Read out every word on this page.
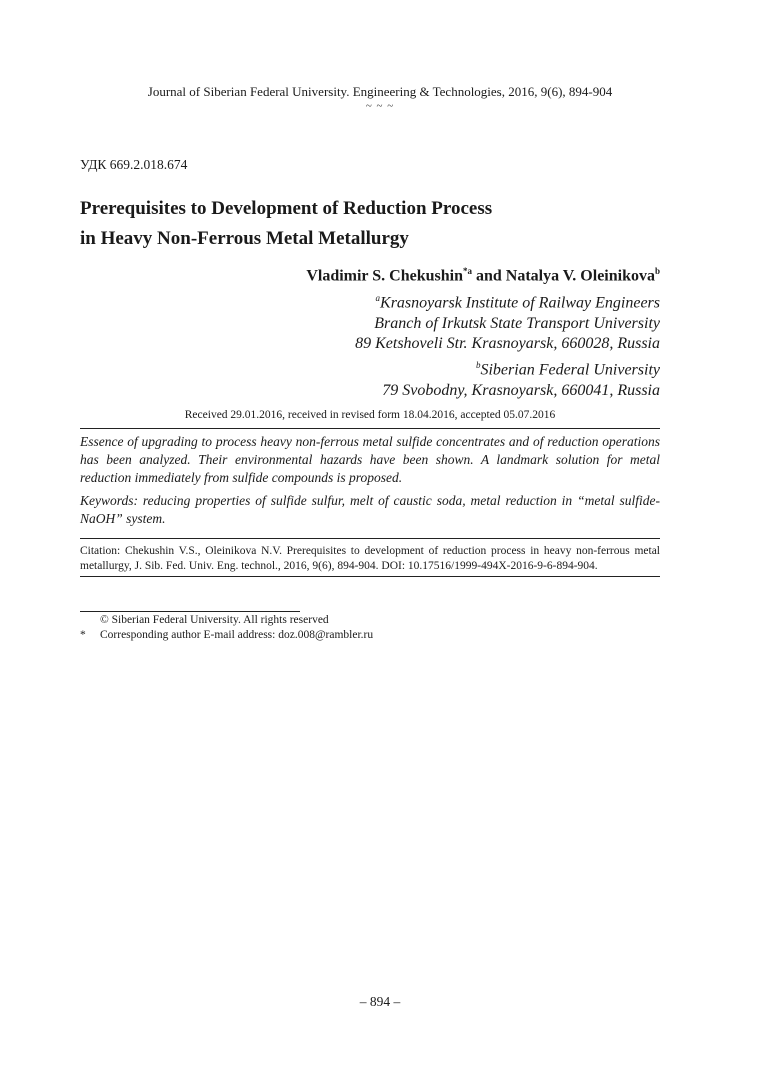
Journal of Siberian Federal University. Engineering & Technologies, 2016, 9(6), 894-904
~ ~ ~
УДК 669.2.018.674
Prerequisites to Development of Reduction Process
in Heavy Non-Ferrous Metal Metallurgy
Vladimir S. Chekushin$^{*a}$ and Natalya V. Oleinikova$^b$
$^a$Krasnoyarsk Institute of Railway Engineers
Branch of Irkutsk State Transport University
89 Ketshoveli Str. Krasnoyarsk, 660028, Russia
$^b$Siberian Federal University
79 Svobodny, Krasnoyarsk, 660041, Russia
Received 29.01.2016, received in revised form 18.04.2016, accepted 05.07.2016

Essence of upgrading to process heavy non-ferrous metal sulfide concentrates and of reduction operations has been analyzed. Their environmental hazards have been shown. A landmark solution for metal reduction immediately from sulfide compounds is proposed.

Keywords: reducing properties of sulfide sulfur, melt of caustic soda, metal reduction in “metal sulfide-NaOH” system.

Citation: Chekushin V.S., Oleinikova N.V. Prerequisites to development of reduction process in heavy non-ferrous metal metallurgy, J. Sib. Fed. Univ. Eng. technol., 2016, 9(6), 894-904. DOI: 10.17516/1999-494X-2016-9-6-894-904.

© Siberian Federal University. All rights reserved
* Corresponding author E-mail address: doz.008@rambler.ru
– 894 –
